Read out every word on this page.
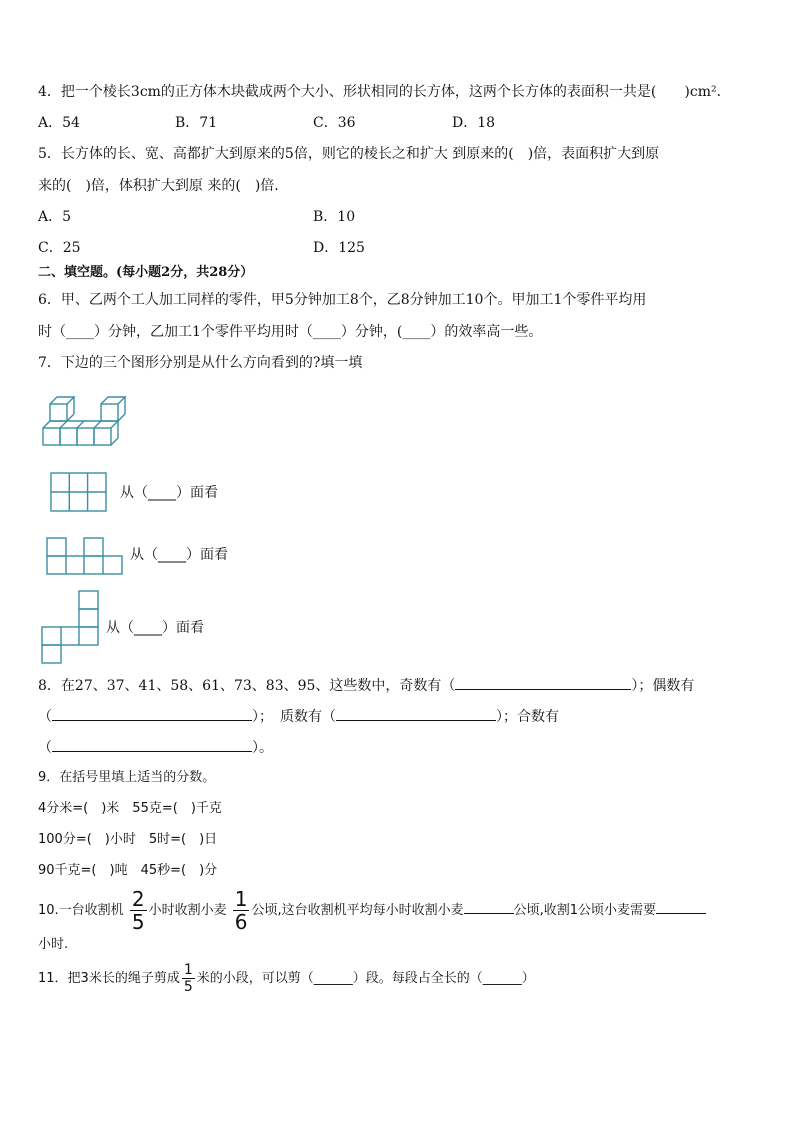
4．把一个棱长3cm的正方体木块截成两个大小、形状相同的长方体，这两个长方体的表面积一共是(　　)cm²．
A．54	B．71	C．36	D．18
5．长方体的长、宽、高都扩大到原来的5倍，则它的棱长之和扩大 到原来的(　)倍，表面积扩大到原
来的(　)倍，体积扩大到原 来的(　)倍.
A．5	B．10
C．25	D．125
二、填空题。(每小题2分，共28分）
6．甲、乙两个工人加工同样的零件，甲5分钟加工8个，乙8分钟加工10个。甲加工1个零件平均用
时（____）分钟，乙加工1个零件平均用时（____）分钟，(____）的效率高一些。
7．下边的三个图形分别是从什么方向看到的?填一填
从（____）面看
从（____）面看
从（____）面看
8．在27、37、41、58、61、73、83、95、这些数中，奇数有（	）；偶数有
（	）；　质数有（	）；合数有
（	）。
9．在括号里填上适当的分数。
4分米=(　)米　55克=(　)千克
100分=(　)小时　5时=(　)日
90千克=(　)吨　45秒=(　)分
10.一台收割机 $\frac{2}{5}$ 小时收割小麦 $\frac{1}{6}$ 公顷,这台收割机平均每小时收割小麦	公顷,收割1公顷小麦需要
小时.
11．把3米长的绳子剪成 $\frac{1}{5}$ 米的小段，可以剪（______）段。每段占全长的（______）
